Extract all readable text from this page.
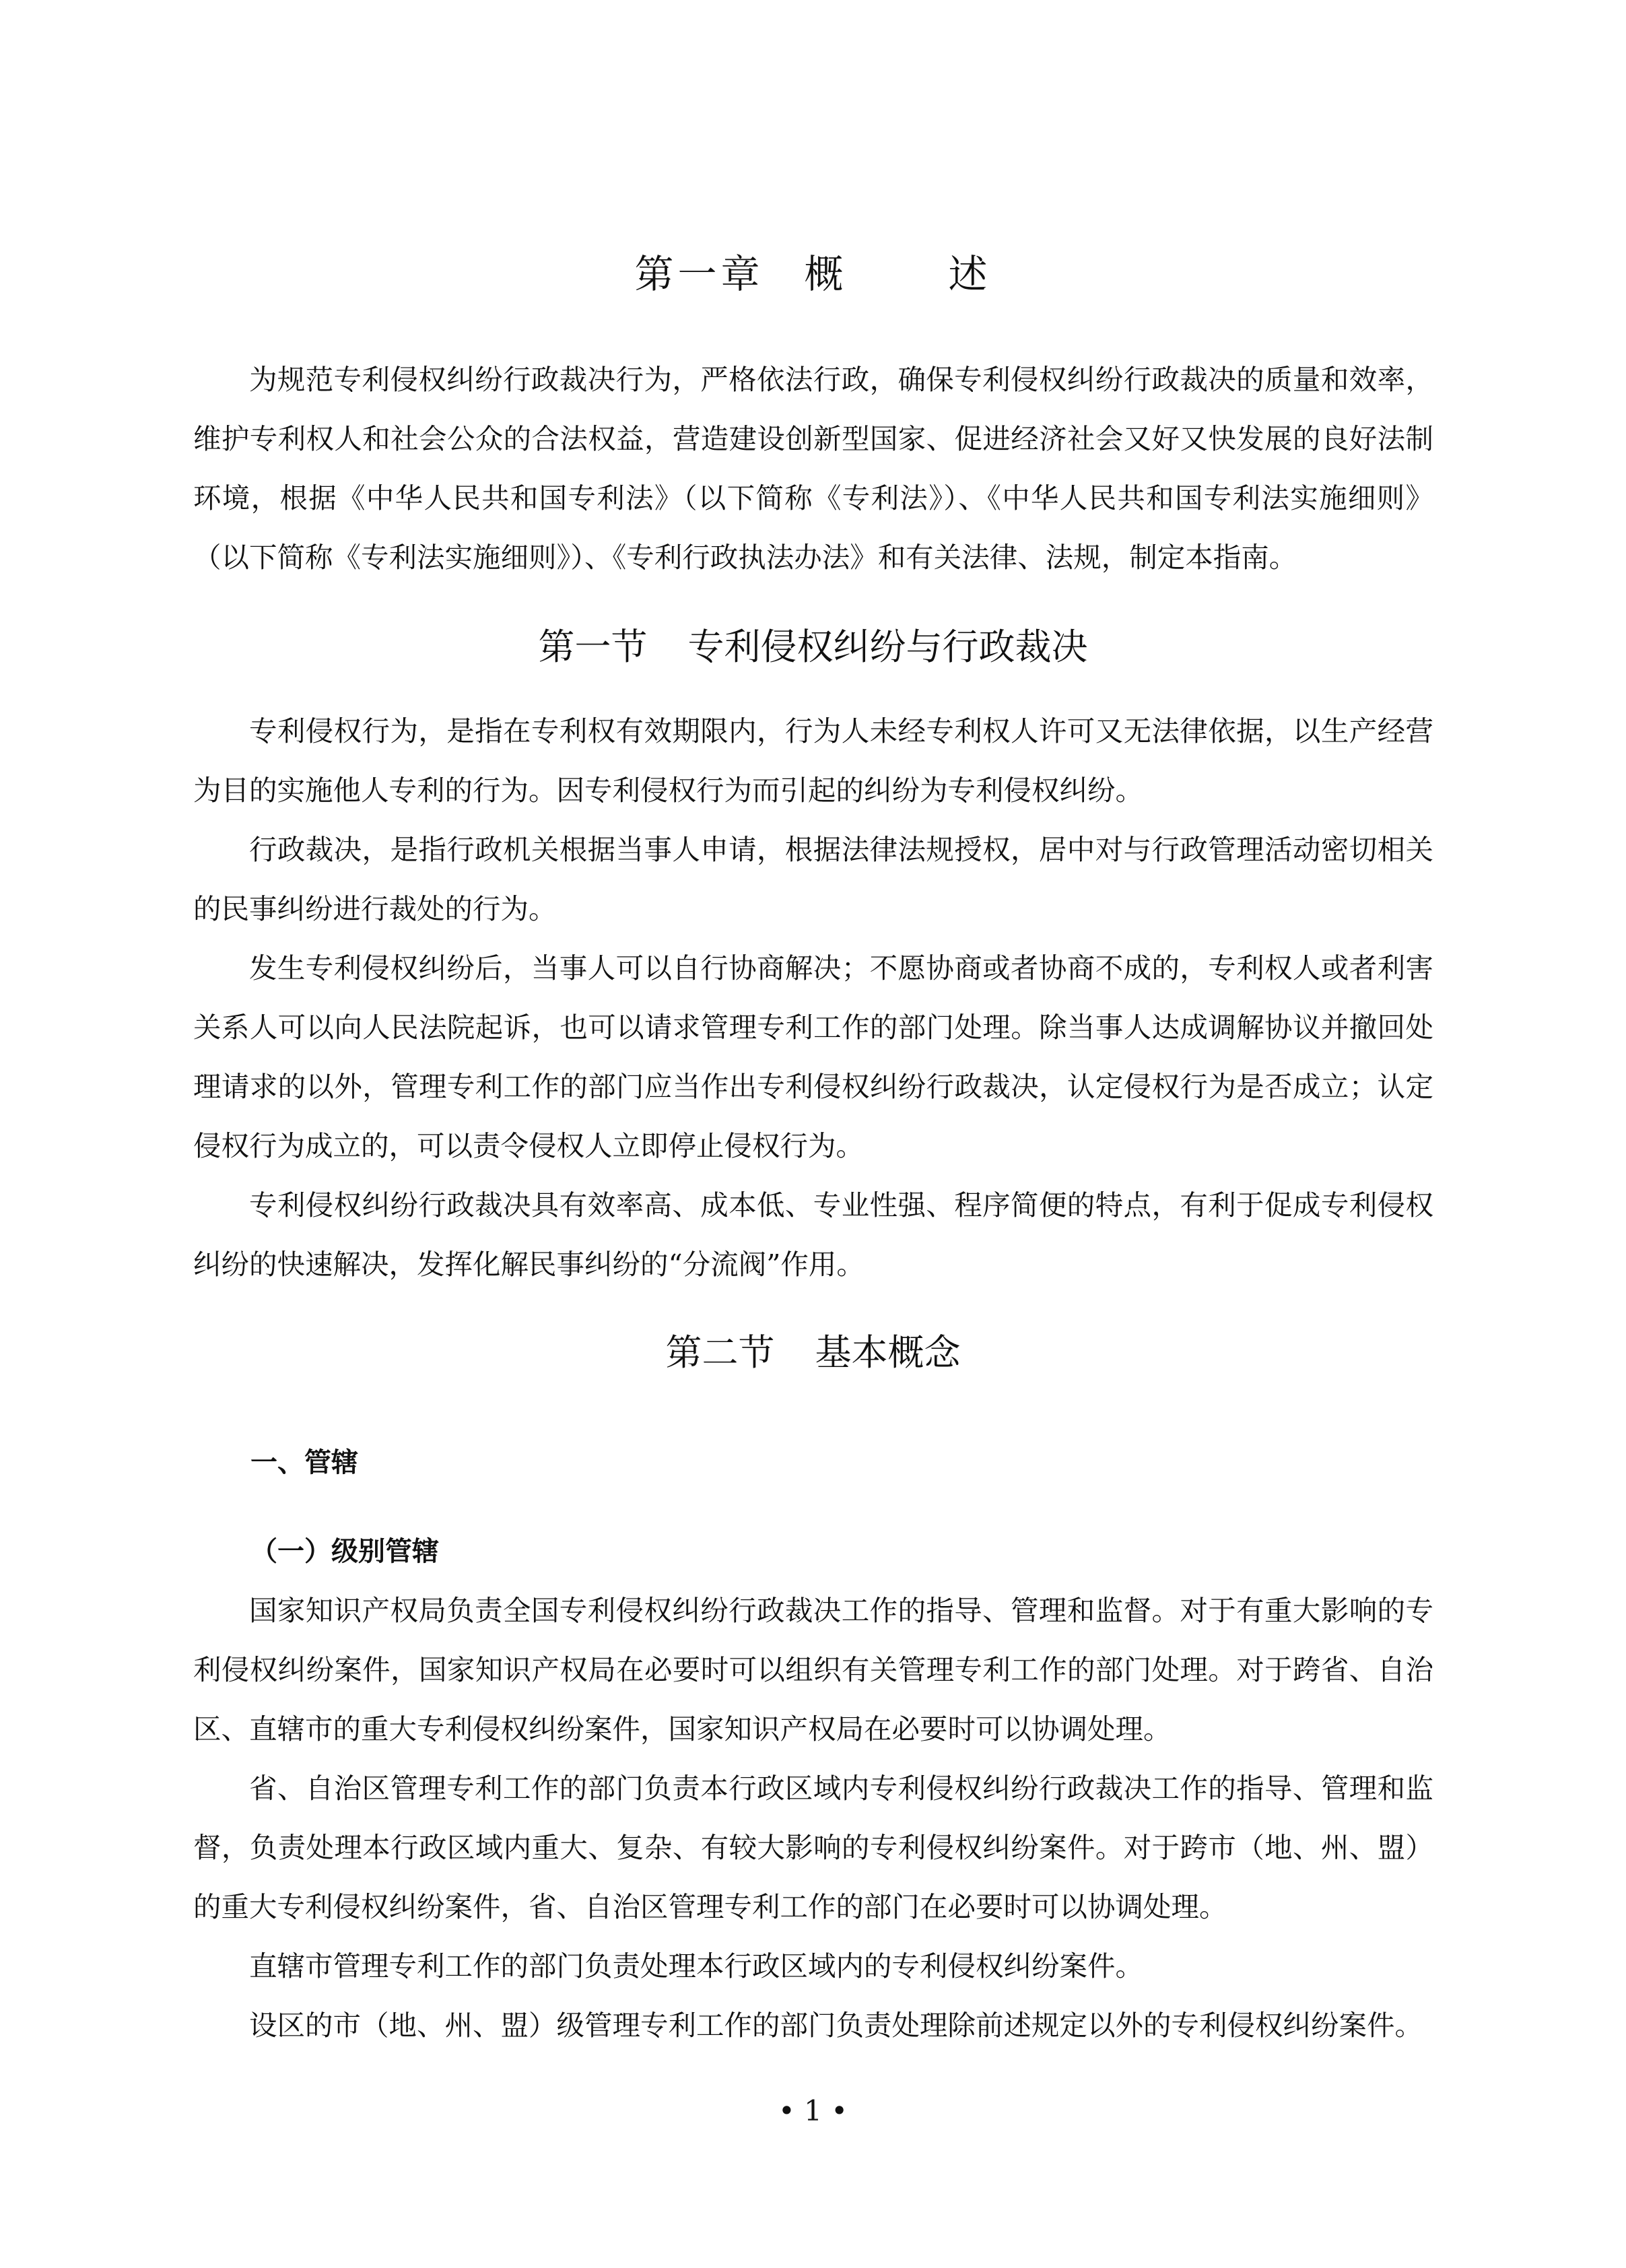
第一章 概	述

为规范专利侵权纠纷行政裁决行为，严格依法行政，确保专利侵权纠纷行政裁决的质量和效率，维护专利权人和社会公众的合法权益，营造建设创新型国家、促进经济社会又好又快发展的良好法制环境，根据《中华人民共和国专利法》（以下简称《专利法》）、《中华人民共和国专利法实施细则》（以下简称《专利法实施细则》）、《专利行政执法办法》和有关法律、法规，制定本指南。

第一节 专利侵权纠纷与行政裁决

专利侵权行为，是指在专利权有效期限内，行为人未经专利权人许可又无法律依据，以生产经营为目的实施他人专利的行为。因专利侵权行为而引起的纠纷为专利侵权纠纷。

行政裁决，是指行政机关根据当事人申请，根据法律法规授权，居中对与行政管理活动密切相关的民事纠纷进行裁处的行为。

发生专利侵权纠纷后，当事人可以自行协商解决；不愿协商或者协商不成的，专利权人或者利害关系人可以向人民法院起诉，也可以请求管理专利工作的部门处理。除当事人达成调解协议并撤回处理请求的以外，管理专利工作的部门应当作出专利侵权纠纷行政裁决，认定侵权行为是否成立；认定侵权行为成立的，可以责令侵权人立即停止侵权行为。

专利侵权纠纷行政裁决具有效率高、成本低、专业性强、程序简便的特点，有利于促成专利侵权纠纷的快速解决，发挥化解民事纠纷的“分流阀”作用。

第二节 基本概念
一、管辖
（一）级别管辖

国家知识产权局负责全国专利侵权纠纷行政裁决工作的指导、管理和监督。对于有重大影响的专利侵权纠纷案件，国家知识产权局在必要时可以组织有关管理专利工作的部门处理。对于跨省、自治区、直辖市的重大专利侵权纠纷案件，国家知识产权局在必要时可以协调处理。

省、自治区管理专利工作的部门负责本行政区域内专利侵权纠纷行政裁决工作的指导、管理和监督，负责处理本行政区域内重大、复杂、有较大影响的专利侵权纠纷案件。对于跨市（地、州、盟）的重大专利侵权纠纷案件，省、自治区管理专利工作的部门在必要时可以协调处理。

直辖市管理专利工作的部门负责处理本行政区域内的专利侵权纠纷案件。

设区的市（地、州、盟）级管理专利工作的部门负责处理除前述规定以外的专利侵权纠纷案件。

• 1 •
